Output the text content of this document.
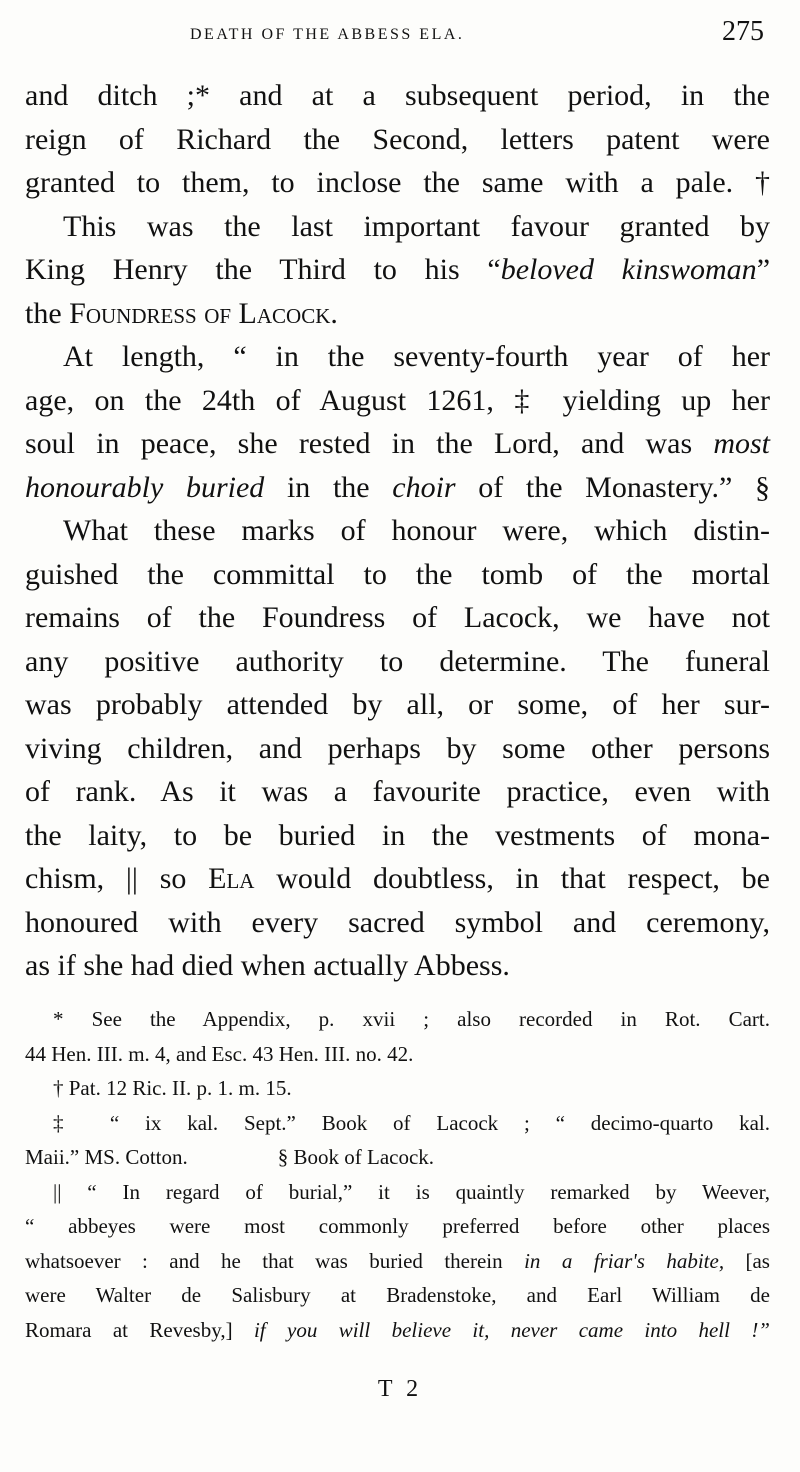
DEATH OF THE ABBESS ELA.	275
and ditch ;* and at a subsequent period, in the
reign of Richard the Second, letters patent were
granted to them, to inclose the same with a pale. †
This was the last important favour granted by
King Henry the Third to his “beloved kinswoman”
the Foundress of Lacock.
At length, “ in the seventy-fourth year of her
age, on the 24th of August 1261, ‡ yielding up her
soul in peace, she rested in the Lord, and was most
honourably buried in the choir of the Monastery.” §
What these marks of honour were, which distin-
guished the committal to the tomb of the mortal
remains of the Foundress of Lacock, we have not
any positive authority to determine. The funeral
was probably attended by all, or some, of her sur-
viving children, and perhaps by some other persons
of rank. As it was a favourite practice, even with
the laity, to be buried in the vestments of mona-
chism, || so Ela would doubtless, in that respect, be
honoured with every sacred symbol and ceremony,
as if she had died when actually Abbess.
* See the Appendix, p. xvii ; also recorded in Rot. Cart.
44 Hen. III. m. 4, and Esc. 43 Hen. III. no. 42.
† Pat. 12 Ric. II. p. 1. m. 15.
‡ “ ix kal. Sept.” Book of Lacock ; “ decimo-quarto kal.
Maii.” MS. Cotton.	§ Book of Lacock.
|| “ In regard of burial,” it is quaintly remarked by Weever,
“ abbeyes were most commonly preferred before other places
whatsoever : and he that was buried therein in a friar's habite, [as
were Walter de Salisbury at Bradenstoke, and Earl William de
Romara at Revesby,] if you will believe it, never came into hell !”
T 2
